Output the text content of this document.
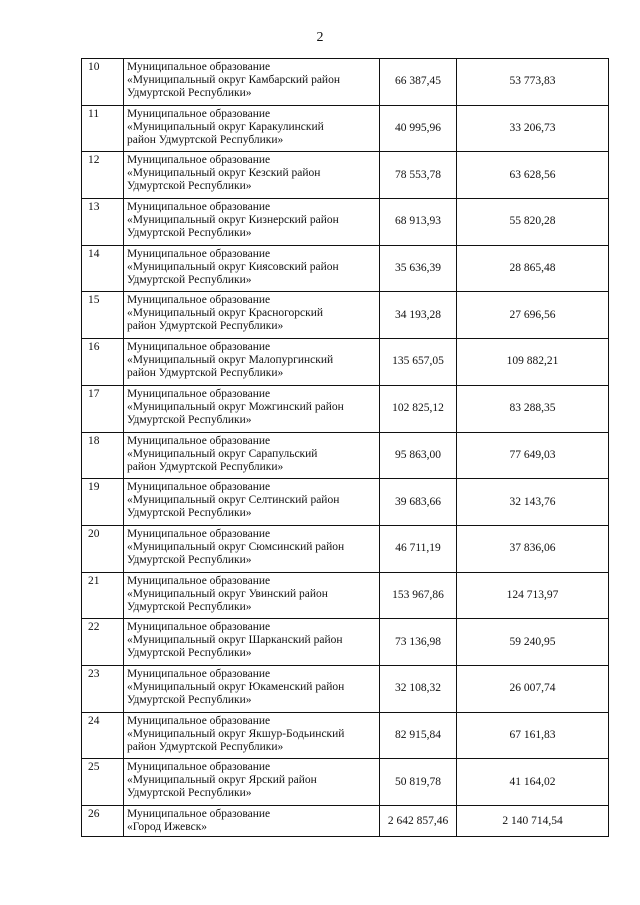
2
10	Муниципальное образование
«Муниципальный округ Камбарский район
Удмуртской Республики»	66 387,45	53 773,83
11	Муниципальное образование
«Муниципальный округ Каракулинский
район Удмуртской Республики»	40 995,96	33 206,73
12	Муниципальное образование
«Муниципальный округ Кезский район
Удмуртской Республики»	78 553,78	63 628,56
13	Муниципальное образование
«Муниципальный округ Кизнерский район
Удмуртской Республики»	68 913,93	55 820,28
14	Муниципальное образование
«Муниципальный округ Киясовский район
Удмуртской Республики»	35 636,39	28 865,48
15	Муниципальное образование
«Муниципальный округ Красногорский
район Удмуртской Республики»	34 193,28	27 696,56
16	Муниципальное образование
«Муниципальный округ Малопургинский
район Удмуртской Республики»	135 657,05	109 882,21
17	Муниципальное образование
«Муниципальный округ Можгинский район
Удмуртской Республики»	102 825,12	83 288,35
18	Муниципальное образование
«Муниципальный округ Сарапульский
район Удмуртской Республики»	95 863,00	77 649,03
19	Муниципальное образование
«Муниципальный округ Селтинский район
Удмуртской Республики»	39 683,66	32 143,76
20	Муниципальное образование
«Муниципальный округ Сюмсинский район
Удмуртской Республики»	46 711,19	37 836,06
21	Муниципальное образование
«Муниципальный округ Увинский район
Удмуртской Республики»	153 967,86	124 713,97
22	Муниципальное образование
«Муниципальный округ Шарканский район
Удмуртской Республики»	73 136,98	59 240,95
23	Муниципальное образование
«Муниципальный округ Юкаменский район
Удмуртской Республики»	32 108,32	26 007,74
24	Муниципальное образование
«Муниципальный округ Якшур-Бодьинский
район Удмуртской Республики»	82 915,84	67 161,83
25	Муниципальное образование
«Муниципальный округ Ярский район
Удмуртской Республики»	50 819,78	41 164,02
26	Муниципальное образование
«Город Ижевск»	2 642 857,46	2 140 714,54
